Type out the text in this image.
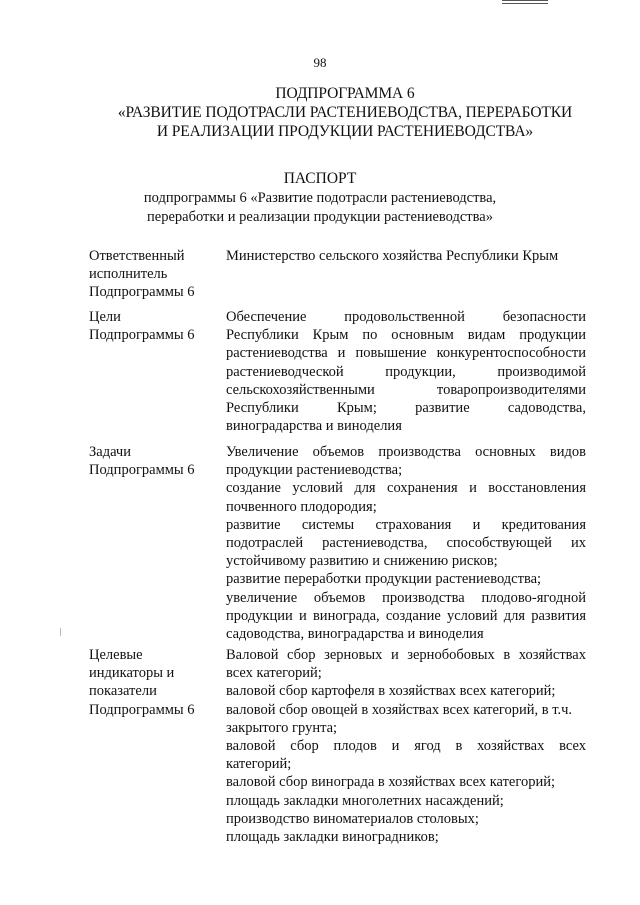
98
ПОДПРОГРАММА 6
«РАЗВИТИЕ ПОДОТРАСЛИ РАСТЕНИЕВОДСТВА, ПЕРЕРАБОТКИ
И РЕАЛИЗАЦИИ ПРОДУКЦИИ РАСТЕНИЕВОДСТВА»
ПАСПОРТ
подпрограммы 6 «Развитие подотрасли растениеводства,
переработки и реализации продукции растениеводства»
Ответственный
исполнитель
Подпрограммы 6
Министерство сельского хозяйства Республики Крым
Цели
Подпрограммы 6
Обеспечение продовольственной безопасности
Республики Крым по основным видам продукции
растениеводства и повышение конкурентоспособности
растениеводческой продукции, производимой
сельскохозяйственными товаропроизводителями
Республики Крым; развитие садоводства,
виноградарства и виноделия
Задачи
Подпрограммы 6
Увеличение объемов производства основных видов
продукции растениеводства;
создание условий для сохранения и восстановления
почвенного плодородия;
развитие системы страхования и кредитования
подотраслей растениеводства, способствующей их
устойчивому развитию и снижению рисков;
развитие переработки продукции растениеводства;
увеличение объемов производства плодово-ягодной
продукции и винограда, создание условий для развития
садоводства, виноградарства и виноделия
Целевые
индикаторы и
показатели
Подпрограммы 6
Валовой сбор зерновых и зернобобовых в хозяйствах
всех категорий;
валовой сбор картофеля в хозяйствах всех категорий;
валовой сбор овощей в хозяйствах всех категорий, в т.ч.
закрытого грунта;
валовой сбор плодов и ягод в хозяйствах всех
категорий;
валовой сбор винограда в хозяйствах всех категорий;
площадь закладки многолетних насаждений;
производство виноматериалов столовых;
площадь закладки виноградников;
